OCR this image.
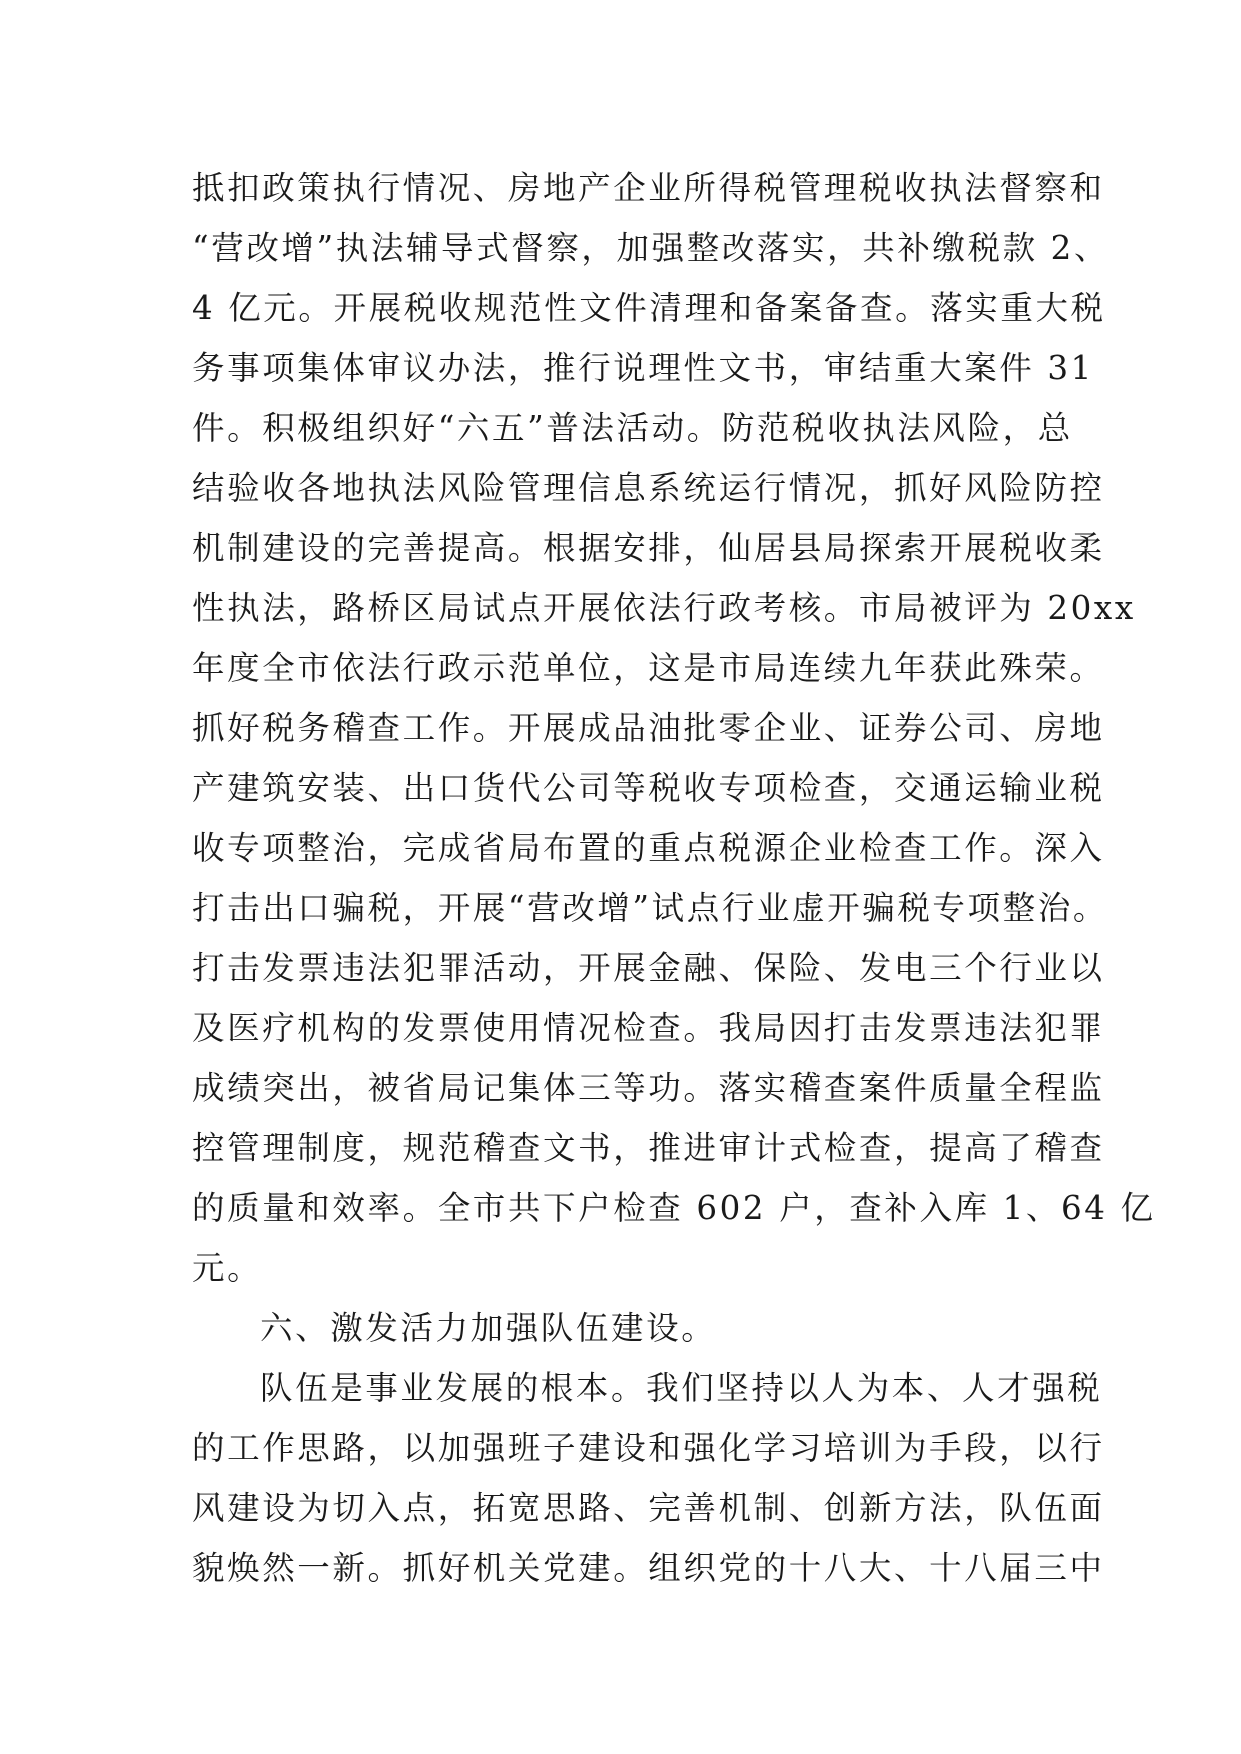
抵扣政策执行情况、房地产企业所得税管理税收执法督察和
“营改增”执法辅导式督察，加强整改落实，共补缴税款 2、
4 亿元。开展税收规范性文件清理和备案备查。落实重大税
务事项集体审议办法，推行说理性文书，审结重大案件 31
件。积极组织好“六五”普法活动。防范税收执法风险，总
结验收各地执法风险管理信息系统运行情况，抓好风险防控
机制建设的完善提高。根据安排，仙居县局探索开展税收柔
性执法，路桥区局试点开展依法行政考核。市局被评为 20xx
年度全市依法行政示范单位，这是市局连续九年获此殊荣。
抓好税务稽查工作。开展成品油批零企业、证券公司、房地
产建筑安装、出口货代公司等税收专项检查，交通运输业税
收专项整治，完成省局布置的重点税源企业检查工作。深入
打击出口骗税，开展“营改增”试点行业虚开骗税专项整治。
打击发票违法犯罪活动，开展金融、保险、发电三个行业以
及医疗机构的发票使用情况检查。我局因打击发票违法犯罪
成绩突出，被省局记集体三等功。落实稽查案件质量全程监
控管理制度，规范稽查文书，推进审计式检查，提高了稽查
的质量和效率。全市共下户检查 602 户，查补入库 1、64 亿
元。
六、激发活力加强队伍建设。
队伍是事业发展的根本。我们坚持以人为本、人才强税
的工作思路，以加强班子建设和强化学习培训为手段，以行
风建设为切入点，拓宽思路、完善机制、创新方法，队伍面
貌焕然一新。抓好机关党建。组织党的十八大、十八届三中
